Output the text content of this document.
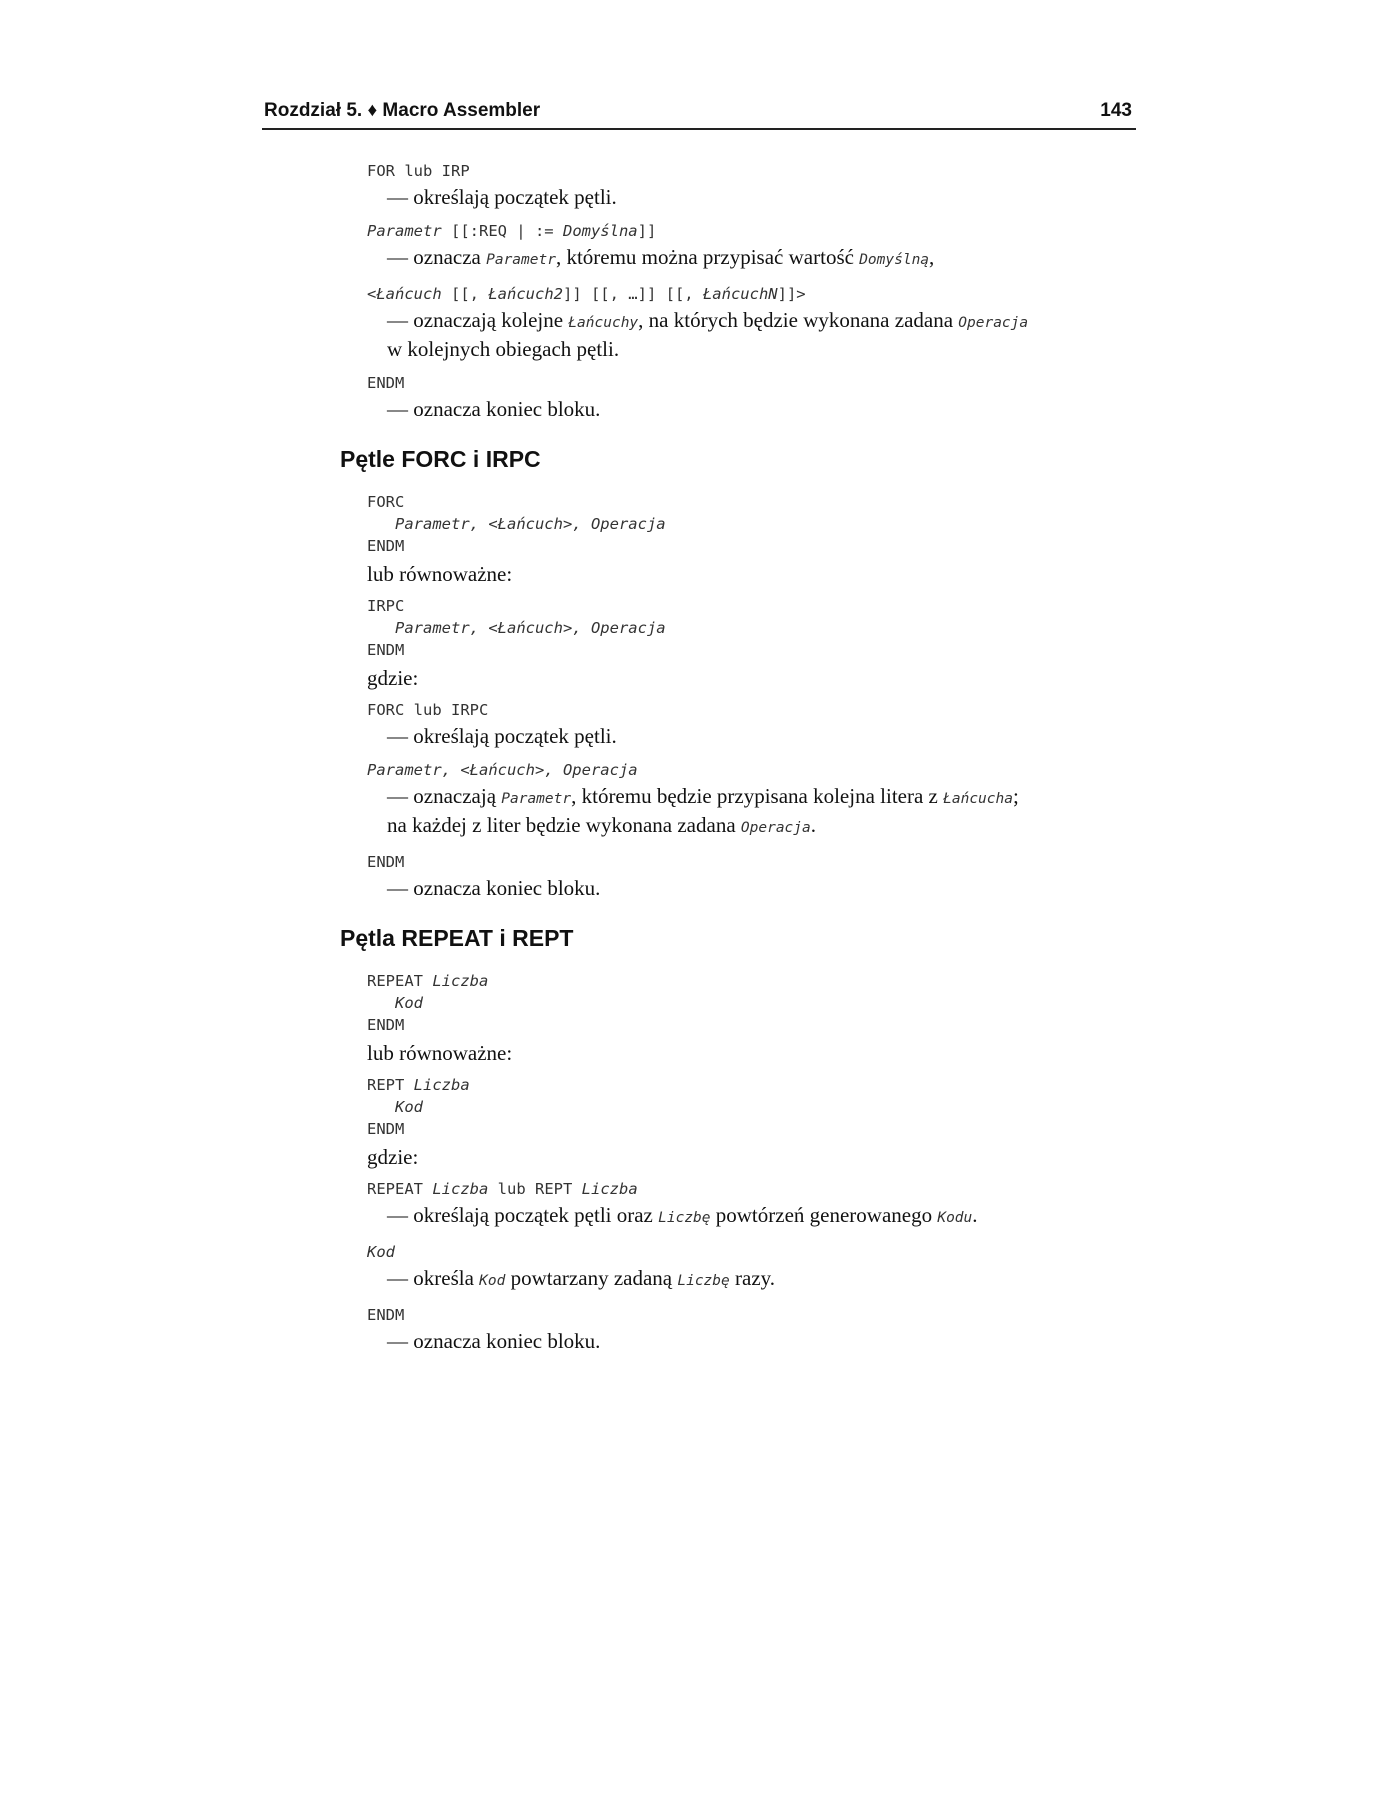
Rozdział 5. ♦ Macro Assembler	143
FOR lub IRP
— określają początek pętli.
Parametr [[:REQ | := Domyślna]]
— oznacza Parametr, któremu można przypisać wartość Domyślną,
<Łańcuch [[, Łańcuch2]] [[, …]] [[, ŁańcuchN]]>
— oznaczają kolejne Łańcuchy, na których będzie wykonana zadana Operacja
w kolejnych obiegach pętli.
ENDM
— oznacza koniec bloku.
Pętle FORC i IRPC
FORC
Parametr, <Łańcuch>, Operacja
ENDM
lub równoważne:
IRPC
Parametr, <Łańcuch>, Operacja
ENDM
gdzie:
FORC lub IRPC
— określają początek pętli.
Parametr, <Łańcuch>, Operacja
— oznaczają Parametr, któremu będzie przypisana kolejna litera z Łańcucha;
na każdej z liter będzie wykonana zadana Operacja.
ENDM
— oznacza koniec bloku.
Pętla REPEAT i REPT
REPEAT Liczba
Kod
ENDM
lub równoważne:
REPT Liczba
Kod
ENDM
gdzie:
REPEAT Liczba lub REPT Liczba
— określają początek pętli oraz Liczbę powtórzeń generowanego Kodu.
Kod
— określa Kod powtarzany zadaną Liczbę razy.
ENDM
— oznacza koniec bloku.
